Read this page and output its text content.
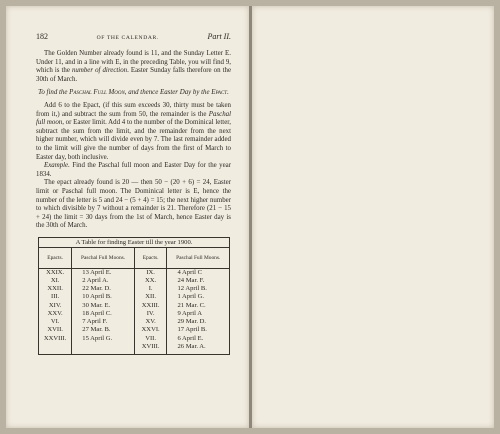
182	OF THE CALENDAR.	Part II.

The Golden Number already found is 11, and the Sunday Letter E. Under 11, and in a line with E, in the preceding Table, you will find 9, which is the number of direction. Easter Sunday falls therefore on the 30th of March.

To find the Paschal Full Moon, and thence Easter Day by the Epact.

Add 6 to the Epact, (if this sum exceeds 30, thirty must be taken from it,) and subtract the sum from 50, the remainder is the Paschal full moon, or Easter limit. Add 4 to the number of the Dominical letter, subtract the sum from the limit, and the remainder from the next higher number, which will divide even by 7. The last remainder added to the limit will give the number of days from the first of March to Easter day, both inclusive.

Example. Find the Paschal full moon and Easter Day for the year 1834.

The epact already found is 20 — then 50 − (20 + 6) = 24, Easter limit or Paschal full moon. The Dominical letter is E, hence the number of the letter is 5 and 24 − (5 + 4) = 15; the next higher number to which divisible by 7 without a remainder is 21. Therefore (21 − 15 + 24) the limit = 30 days from the 1st of March, hence Easter day is the 30th of March.

A Table for finding Easter till the year 1900.			
Epacts.	Paschal Full Moons.	Epacts.	Paschal Full Moons.
XXIX.	13 April E.	IX.	4 April C
XI.	2 April A.	XX.	24 Mar. F.
XXII.	22 Mar. D.	I.	12 April B.
III.	10 April B.	XII.	1 April G.
XIV.	30 Mar. E.	XXIII.	21 Mar. C.
XXV.	18 April C.	IV.	9 April A
VI.	7 April F.	XV.	29 Mar. D.
XVII.	27 Mar. B.	XXVI.	17 April B.
XXVIII.	15 April G.	VII.	6 April E.
		XVIII.	26 Mar. A.
